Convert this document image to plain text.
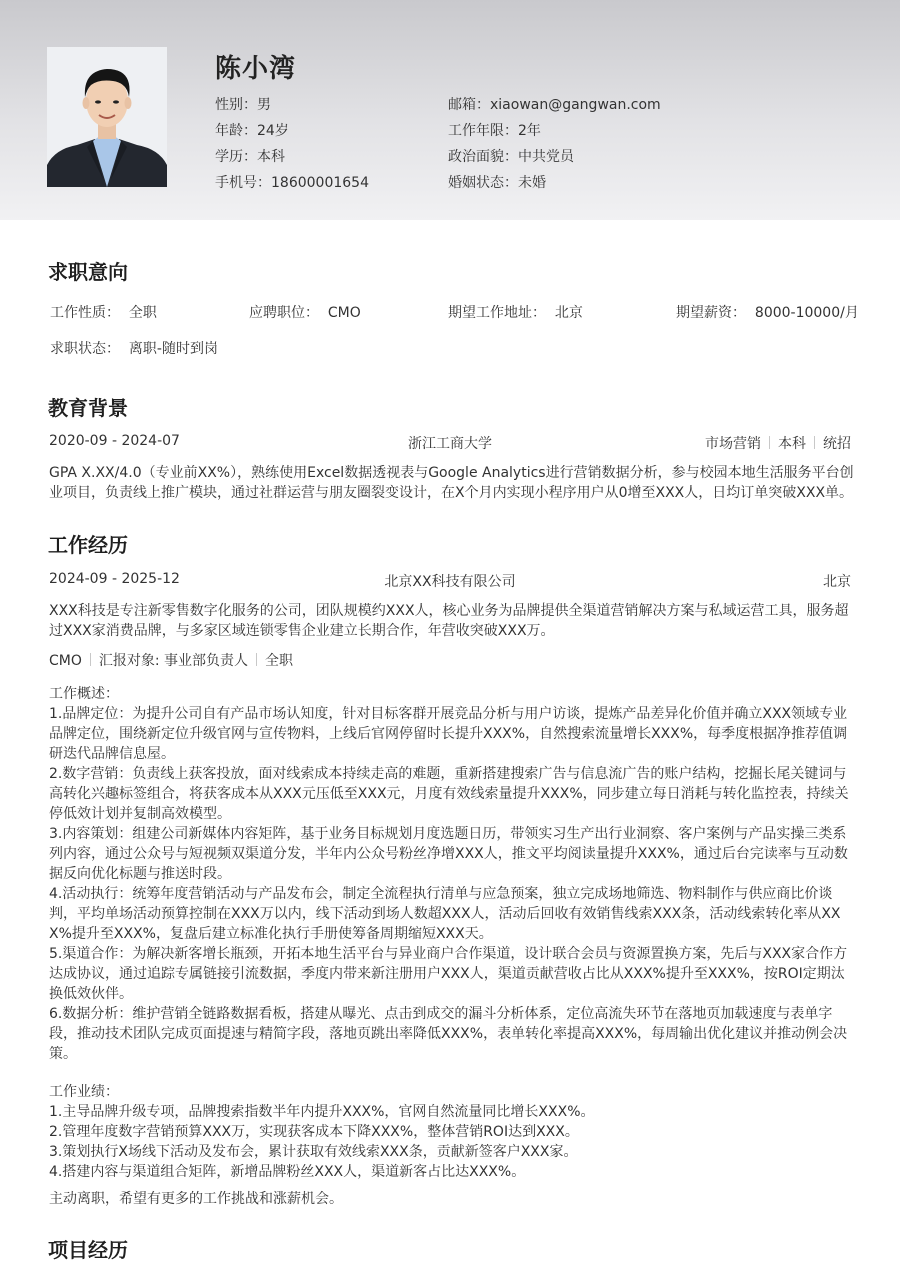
陈小湾
性别：男
年龄：24岁
学历：本科
手机号：18600001654
邮箱：xiaowan@gangwan.com
工作年限：2年
政治面貌：中共党员
婚姻状态：未婚
求职意向
工作性质： 全职	应聘职位： CMO	期望工作地址： 北京	期望薪资： 8000-10000/月
求职状态： 离职-随时到岗
教育背景
2020-09 - 2024-07	浙江工商大学	市场营销 本科 统招
GPA X.XX/4.0（专业前XX%），熟练使用Excel数据透视表与Google Analytics进行营销数据分析，参与校园本地生活服务平台创业项目，负责线上推广模块，通过社群运营与朋友圈裂变设计，在X个月内实现小程序用户从0增至XXX人，日均订单突破XXX单。
工作经历
2024-09 - 2025-12	北京XX科技有限公司	北京
XXX科技是专注新零售数字化服务的公司，团队规模约XXX人，核心业务为品牌提供全渠道营销解决方案与私域运营工具，服务超过XXX家消费品牌，与多家区域连锁零售企业建立长期合作，年营收突破XXX万。
CMO 汇报对象: 事业部负责人 全职
工作概述：
1.品牌定位：为提升公司自有产品市场认知度，针对目标客群开展竞品分析与用户访谈，提炼产品差异化价值并确立XXX领域专业品牌定位，围绕新定位升级官网与宣传物料，上线后官网停留时长提升XXX%，自然搜索流量增长XXX%，每季度根据净推荐值调研迭代品牌信息屋。
2.数字营销：负责线上获客投放，面对线索成本持续走高的难题，重新搭建搜索广告与信息流广告的账户结构，挖掘长尾关键词与高转化兴趣标签组合，将获客成本从XXX元压低至XXX元，月度有效线索量提升XXX%，同步建立每日消耗与转化监控表，持续关停低效计划并复制高效模型。
3.内容策划：组建公司新媒体内容矩阵，基于业务目标规划月度选题日历，带领实习生产出行业洞察、客户案例与产品实操三类系列内容，通过公众号与短视频双渠道分发，半年内公众号粉丝净增XXX人，推文平均阅读量提升XXX%，通过后台完读率与互动数据反向优化标题与推送时段。
4.活动执行：统筹年度营销活动与产品发布会，制定全流程执行清单与应急预案，独立完成场地筛选、物料制作与供应商比价谈判，平均单场活动预算控制在XXX万以内，线下活动到场人数超XXX人，活动后回收有效销售线索XXX条，活动线索转化率从XXX%提升至XXX%，复盘后建立标准化执行手册使筹备周期缩短XXX天。
5.渠道合作：为解决新客增长瓶颈，开拓本地生活平台与异业商户合作渠道，设计联合会员与资源置换方案，先后与XXX家合作方达成协议，通过追踪专属链接引流数据，季度内带来新注册用户XXX人，渠道贡献营收占比从XXX%提升至XXX%，按ROI定期汰换低效伙伴。
6.数据分析：维护营销全链路数据看板，搭建从曝光、点击到成交的漏斗分析体系，定位高流失环节在落地页加载速度与表单字段，推动技术团队完成页面提速与精简字段，落地页跳出率降低XXX%，表单转化率提高XXX%，每周输出优化建议并推动例会决策。
工作业绩：
1.主导品牌升级专项，品牌搜索指数半年内提升XXX%，官网自然流量同比增长XXX%。
2.管理年度数字营销预算XXX万，实现获客成本下降XXX%，整体营销ROI达到XXX。
3.策划执行X场线下活动及发布会，累计获取有效线索XXX条，贡献新签客户XXX家。
4.搭建内容与渠道组合矩阵，新增品牌粉丝XXX人，渠道新客占比达XXX%。
主动离职，希望有更多的工作挑战和涨薪机会。
项目经历
